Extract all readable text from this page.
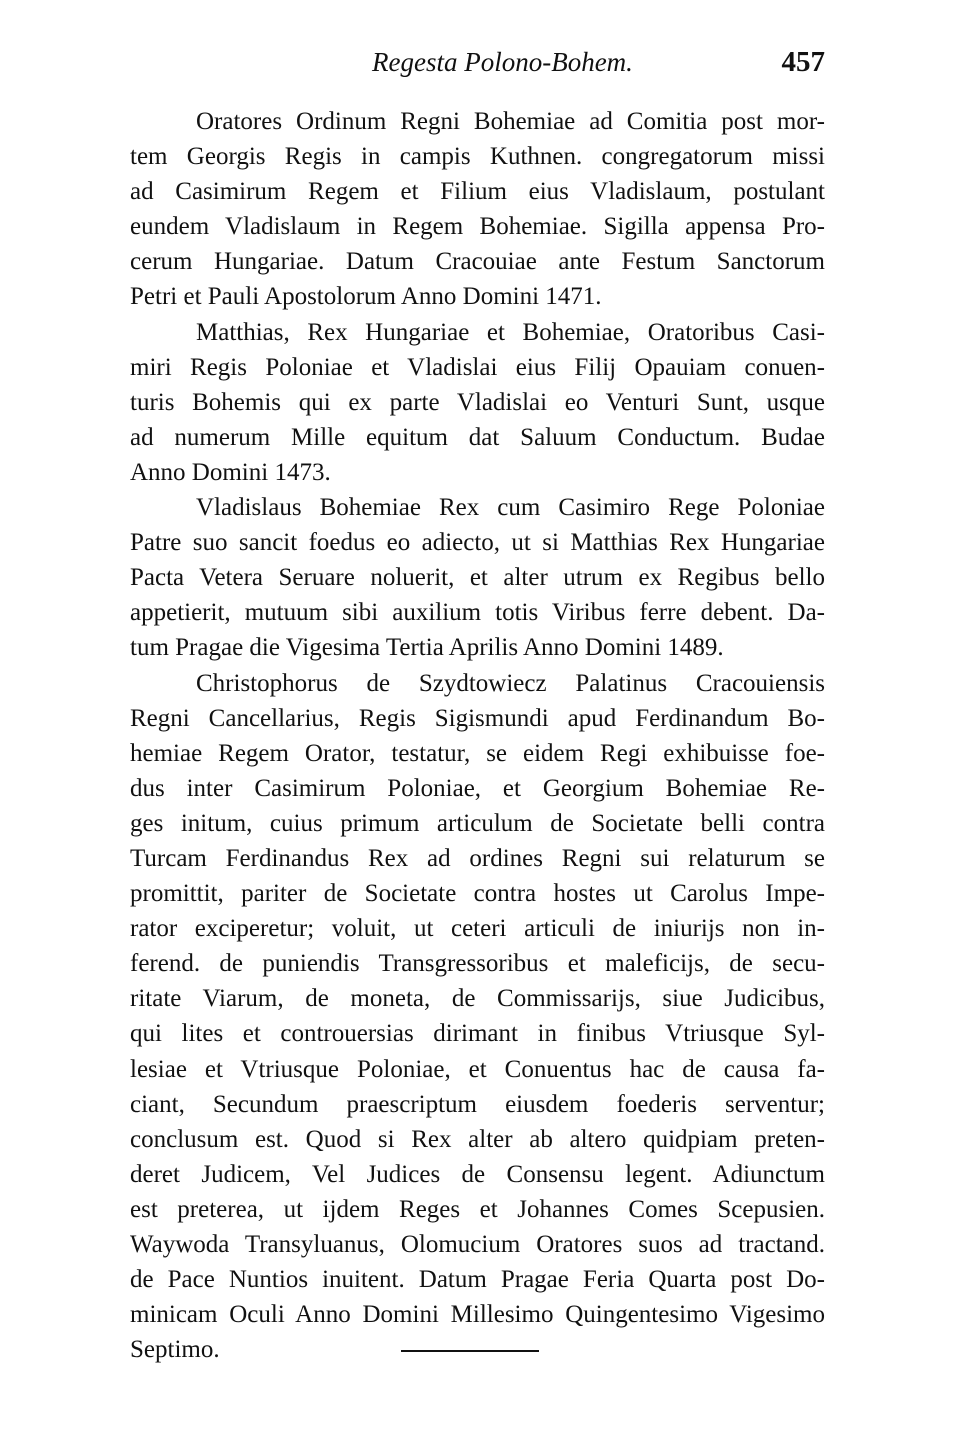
Regesta Polono-Bohem.	457
Oratores Ordinum Regni Bohemiae ad Comitia post mor-
tem Georgis Regis in campis Kuthnen. congregatorum missi
ad Casimirum Regem et Filium eius Vladislaum, postulant
eundem Vladislaum in Regem Bohemiae. Sigilla appensa Pro-
cerum Hungariae. Datum Cracouiae ante Festum Sanctorum
Petri et Pauli Apostolorum Anno Domini 1471.
Matthias, Rex Hungariae et Bohemiae, Oratoribus Casi-
miri Regis Poloniae et Vladislai eius Filij Opauiam conuen-
turis Bohemis qui ex parte Vladislai eo Venturi Sunt, usque
ad numerum Mille equitum dat Saluum Conductum. Budae
Anno Domini 1473.
Vladislaus Bohemiae Rex cum Casimiro Rege Poloniae
Patre suo sancit foedus eo adiecto, ut si Matthias Rex Hungariae
Pacta Vetera Seruare noluerit, et alter utrum ex Regibus bello
appetierit, mutuum sibi auxilium totis Viribus ferre debent. Da-
tum Pragae die Vigesima Tertia Aprilis Anno Domini 1489.
Christophorus de Szydtowiecz Palatinus Cracouiensis
Regni Cancellarius, Regis Sigismundi apud Ferdinandum Bo-
hemiae Regem Orator, testatur, se eidem Regi exhibuisse foe-
dus inter Casimirum Poloniae, et Georgium Bohemiae Re-
ges initum, cuius primum articulum de Societate belli contra
Turcam Ferdinandus Rex ad ordines Regni sui relaturum se
promittit, pariter de Societate contra hostes ut Carolus Impe-
rator exciperetur; voluit, ut ceteri articuli de iniurijs non in-
ferend. de puniendis Transgressoribus et maleficijs, de secu-
ritate Viarum, de moneta, de Commissarijs, siue Judicibus,
qui lites et controuersias dirimant in finibus Vtriusque Syl-
lesiae et Vtriusque Poloniae, et Conuentus hac de causa fa-
ciant, Secundum praescriptum eiusdem foederis serventur;
conclusum est. Quod si Rex alter ab altero quidpiam preten-
deret Judicem, Vel Judices de Consensu legent. Adiunctum
est preterea, ut ijdem Reges et Johannes Comes Scepusien.
Waywoda Transyluanus, Olomucium Oratores suos ad tractand.
de Pace Nuntios inuitent. Datum Pragae Feria Quarta post Do-
minicam Oculi Anno Domini Millesimo Quingentesimo Vigesimo
Septimo.
